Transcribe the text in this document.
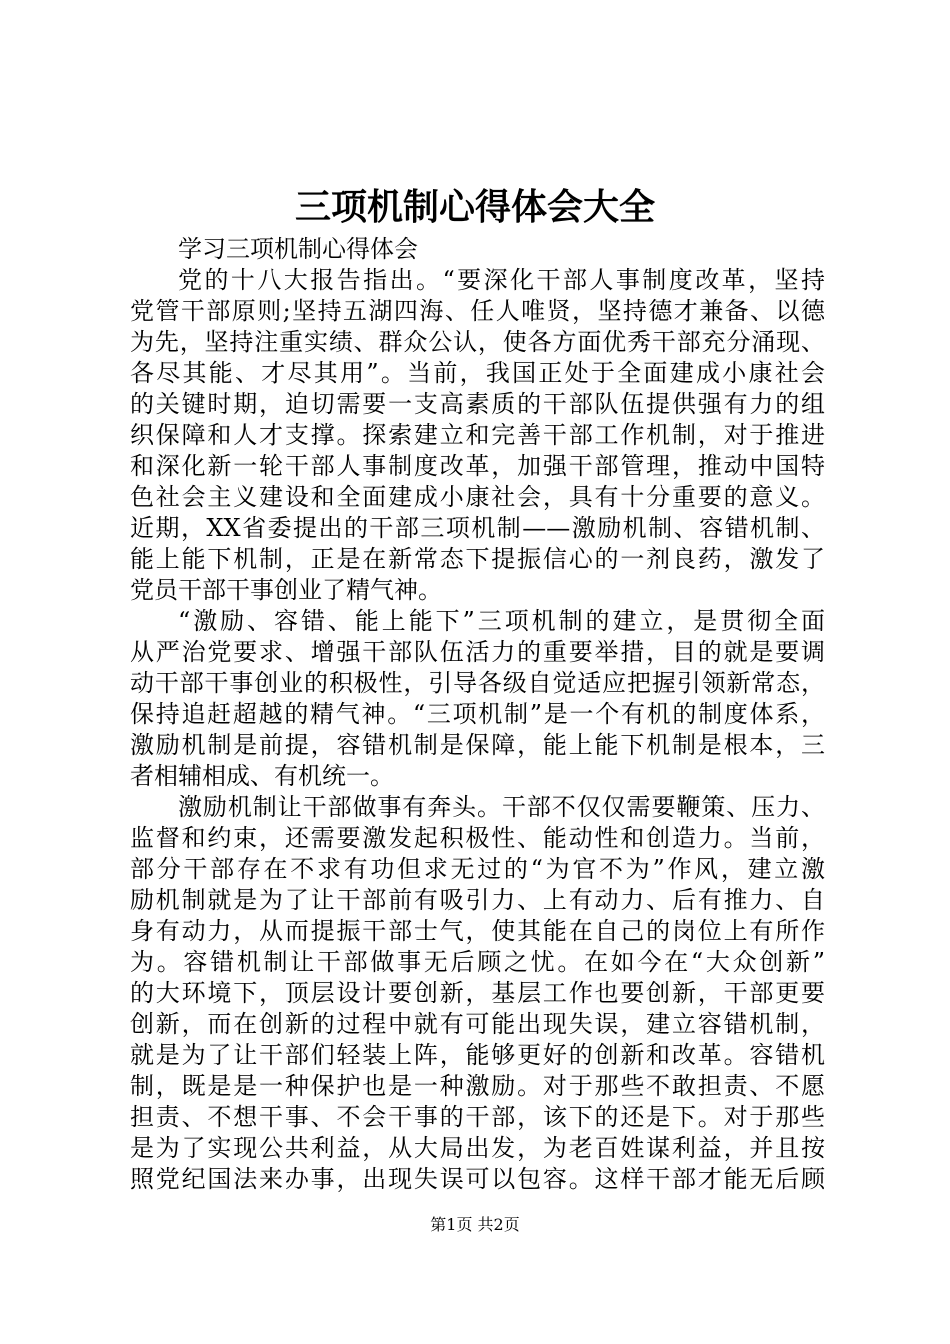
三项机制心得体会大全
学习三项机制心得体会
党的十八大报告指出。“要深化干部人事制度改革，坚持
党管干部原则;坚持五湖四海、任人唯贤，坚持德才兼备、以德
为先，坚持注重实绩、群众公认，使各方面优秀干部充分涌现、
各尽其能、才尽其用”。当前，我国正处于全面建成小康社会
的关键时期，迫切需要一支高素质的干部队伍提供强有力的组
织保障和人才支撑。探索建立和完善干部工作机制，对于推进
和深化新一轮干部人事制度改革，加强干部管理，推动中国特
色社会主义建设和全面建成小康社会，具有十分重要的意义。
近期，XX省委提出的干部三项机制——激励机制、容错机制、
能上能下机制，正是在新常态下提振信心的一剂良药，激发了
党员干部干事创业了精气神。
“激励、容错、能上能下”三项机制的建立，是贯彻全面
从严治党要求、增强干部队伍活力的重要举措，目的就是要调
动干部干事创业的积极性，引导各级自觉适应把握引领新常态，
保持追赶超越的精气神。“三项机制”是一个有机的制度体系，
激励机制是前提，容错机制是保障，能上能下机制是根本，三
者相辅相成、有机统一。
激励机制让干部做事有奔头。干部不仅仅需要鞭策、压力、
监督和约束，还需要激发起积极性、能动性和创造力。当前，
部分干部存在不求有功但求无过的“为官不为”作风，建立激
励机制就是为了让干部前有吸引力、上有动力、后有推力、自
身有动力，从而提振干部士气，使其能在自己的岗位上有所作
为。容错机制让干部做事无后顾之忧。在如今在“大众创新”
的大环境下，顶层设计要创新，基层工作也要创新，干部更要
创新，而在创新的过程中就有可能出现失误，建立容错机制，
就是为了让干部们轻装上阵，能够更好的创新和改革。容错机
制，既是是一种保护也是一种激励。对于那些不敢担责、不愿
担责、不想干事、不会干事的干部，该下的还是下。对于那些
是为了实现公共利益，从大局出发，为老百姓谋利益，并且按
照党纪国法来办事，出现失误可以包容。这样干部才能无后顾
第1页 共2页
